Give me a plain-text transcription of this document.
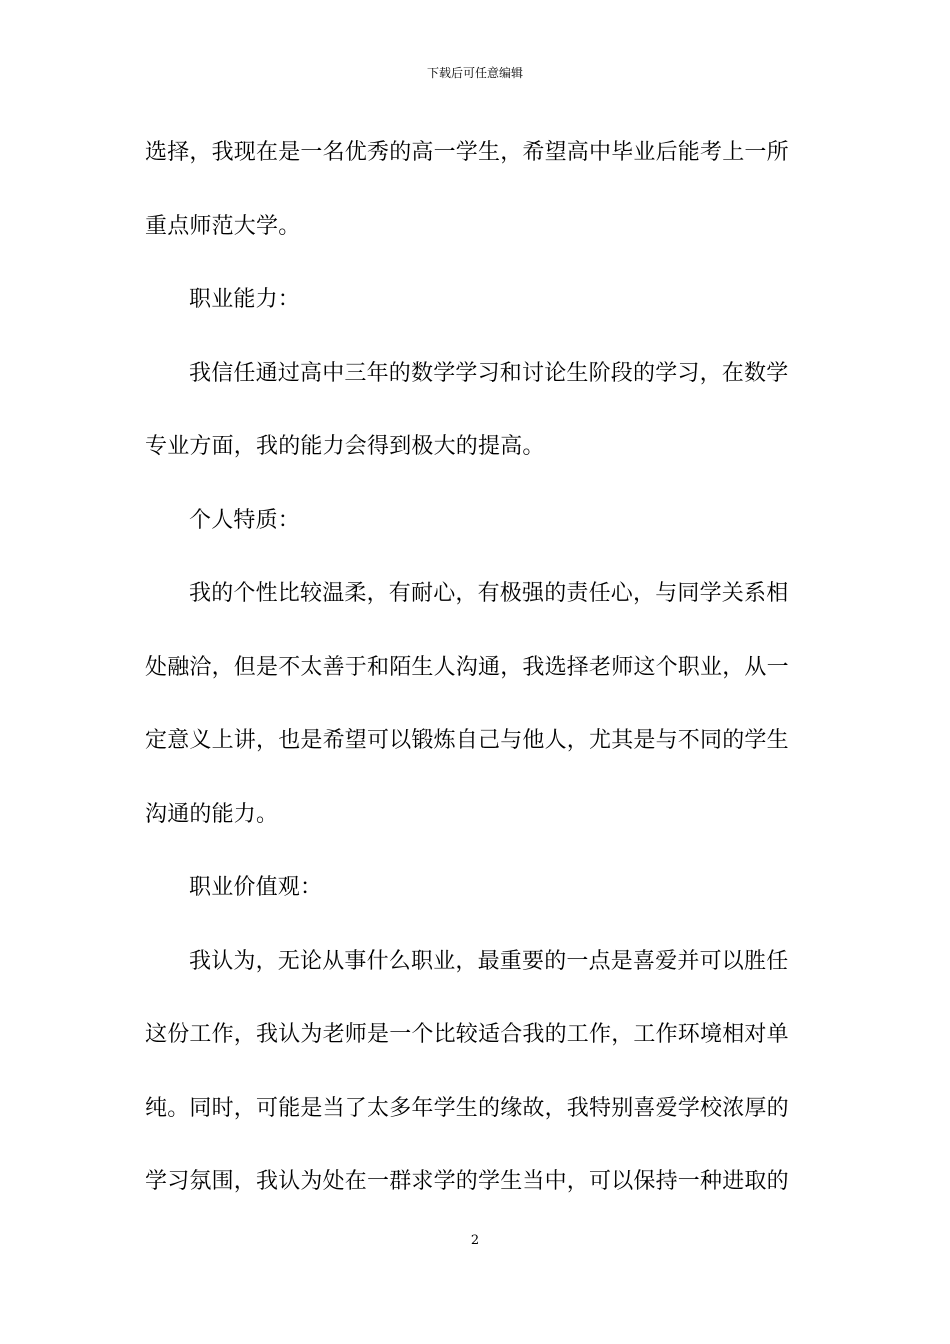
下载后可任意编辑
选择，我现在是一名优秀的高一学生，希望高中毕业后能考上一所
重点师范大学。
职业能力：
我信任通过高中三年的数学学习和讨论生阶段的学习，在数学
专业方面，我的能力会得到极大的提高。
个人特质：
我的个性比较温柔，有耐心，有极强的责任心，与同学关系相
处融洽，但是不太善于和陌生人沟通，我选择老师这个职业，从一
定意义上讲，也是希望可以锻炼自己与他人，尤其是与不同的学生
沟通的能力。
职业价值观：
我认为，无论从事什么职业，最重要的一点是喜爱并可以胜任
这份工作，我认为老师是一个比较适合我的工作，工作环境相对单
纯。同时，可能是当了太多年学生的缘故，我特别喜爱学校浓厚的
学习氛围，我认为处在一群求学的学生当中，可以保持一种进取的
2
